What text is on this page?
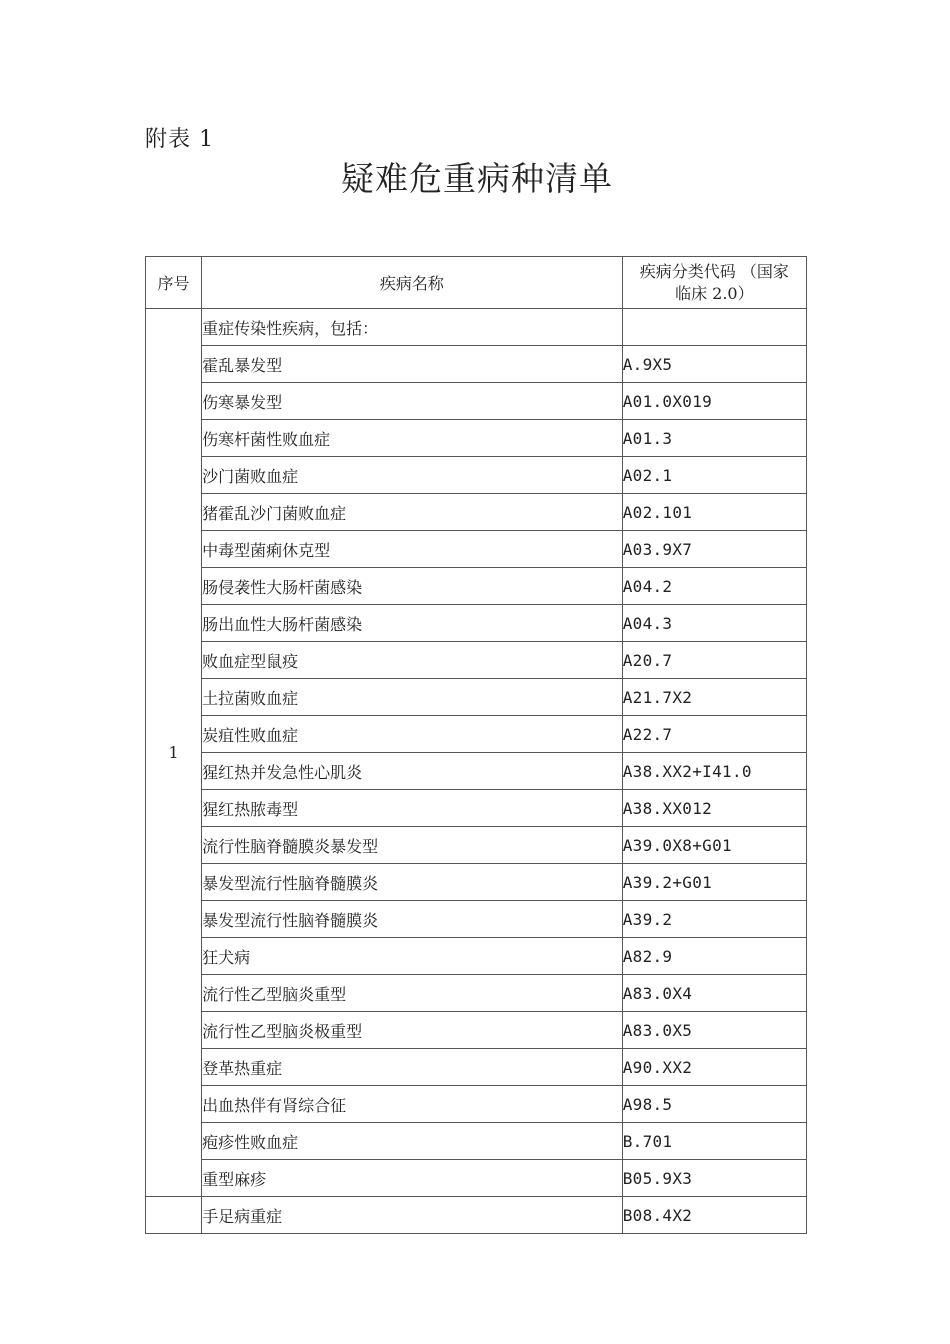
附表 1
疑难危重病种清单
序号	疾病名称	疾病分类代码 （国家
临床 2.0）

1	重症传染性疾病，包括：	
	霍乱暴发型	A.9X5
	伤寒暴发型	A01.0X019
	伤寒杆菌性败血症	A01.3
	沙门菌败血症	A02.1
	猪霍乱沙门菌败血症	A02.101
	中毒型菌痢休克型	A03.9X7
	肠侵袭性大肠杆菌感染	A04.2
	肠出血性大肠杆菌感染	A04.3
	败血症型鼠疫	A20.7
	土拉菌败血症	A21.7X2
	炭疽性败血症	A22.7
	猩红热并发急性心肌炎	A38.XX2+I41.0
	猩红热脓毒型	A38.XX012
	流行性脑脊髓膜炎暴发型	A39.0X8+G01
	暴发型流行性脑脊髓膜炎	A39.2+G01
	暴发型流行性脑脊髓膜炎	A39.2
	狂犬病	A82.9
	流行性乙型脑炎重型	A83.0X4
	流行性乙型脑炎极重型	A83.0X5
	登革热重症	A90.XX2
	出血热伴有肾综合征	A98.5
	疱疹性败血症	B.701
	重型麻疹	B05.9X3
	手足病重症	B08.4X2
